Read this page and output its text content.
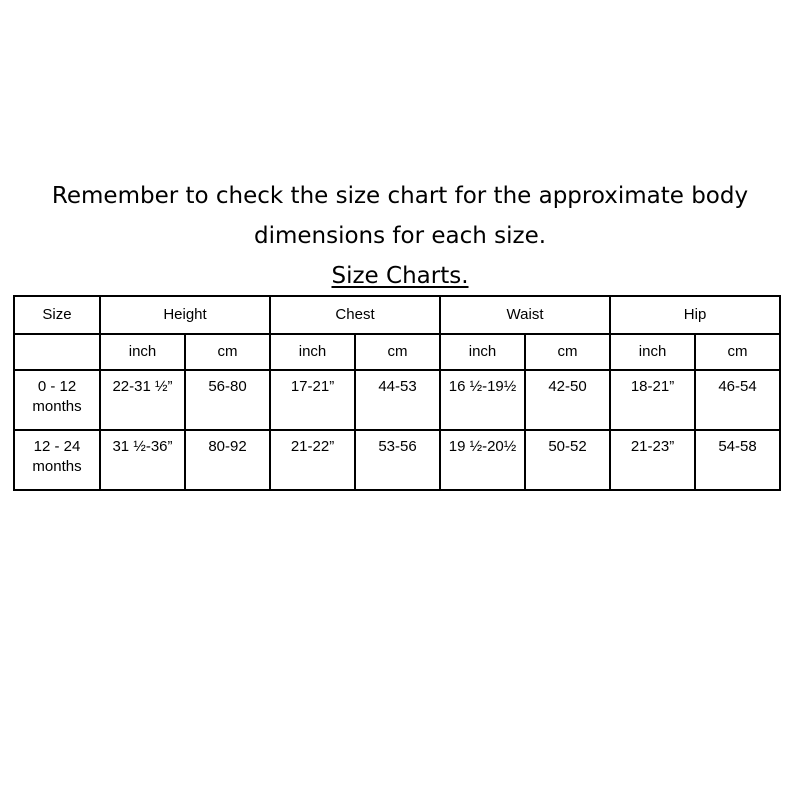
Remember to check the size chart for the approximate body
dimensions for each size.
Size Charts.
Size	Height		Chest		Waist		Hip	
	inch	cm	inch	cm	inch	cm	inch	cm

0 - 12
months	22-31 ½”	56-80	17-21”	44-53	16 ½-19½	42-50	18-21”	46-54

12 - 24
months	31 ½-36”	80-92	21-22”	53-56	19 ½-20½	50-52	21-23”	54-58
